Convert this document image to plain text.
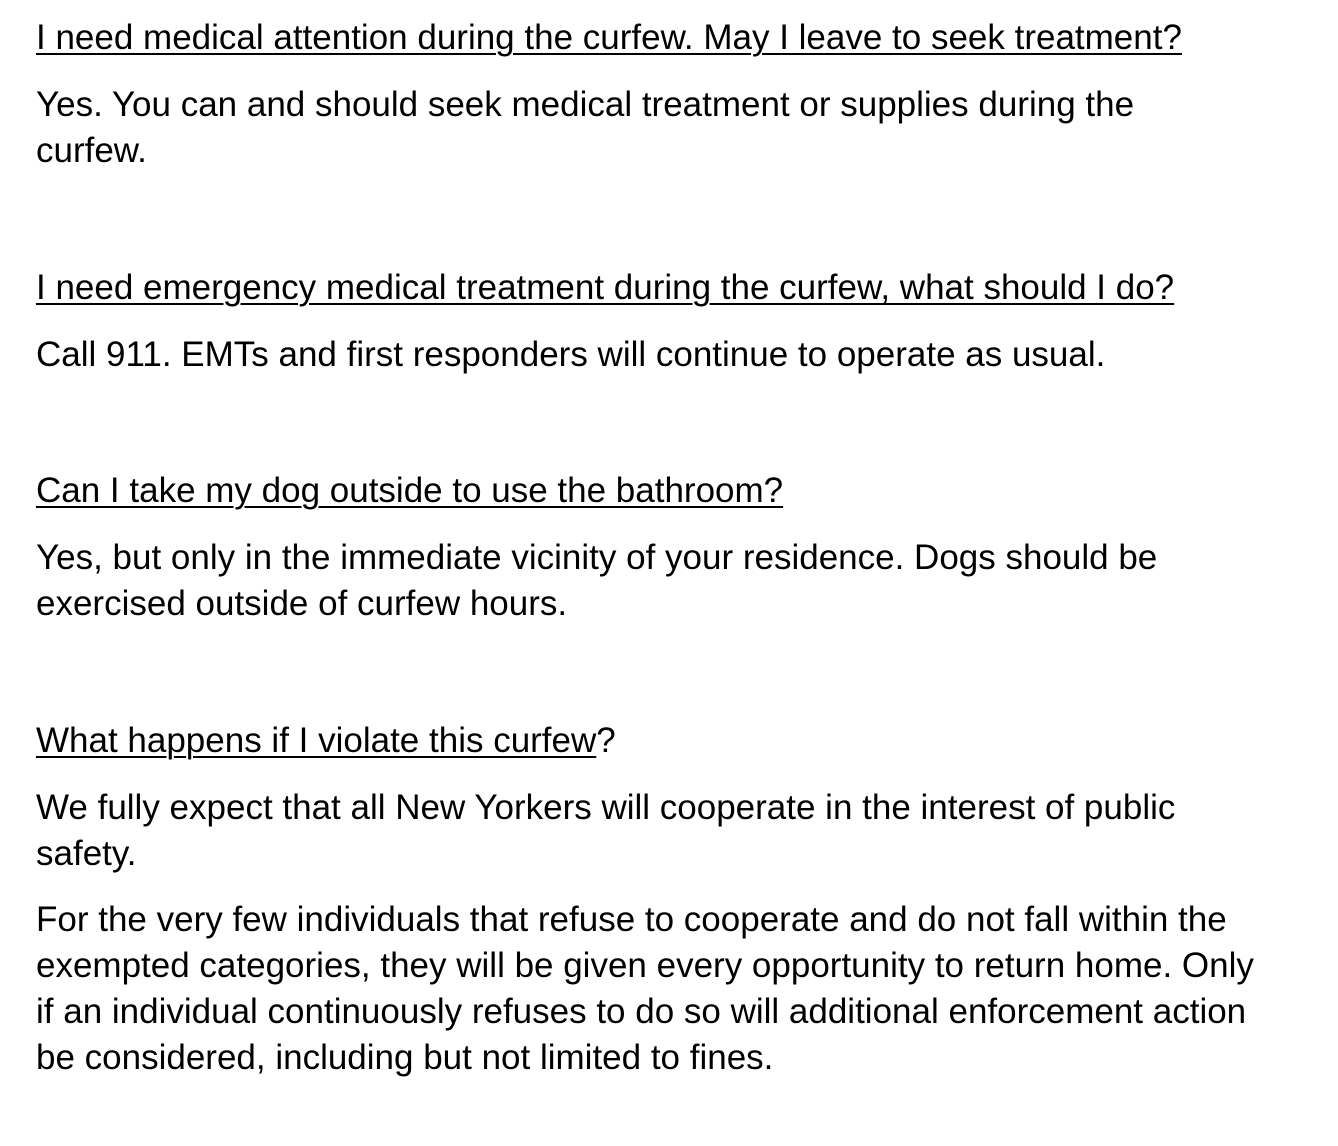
I need medical attention during the curfew. May I leave to seek treatment?

Yes. You can and should seek medical treatment or supplies during the curfew.

I need emergency medical treatment during the curfew, what should I do?

Call 911. EMTs and first responders will continue to operate as usual.

Can I take my dog outside to use the bathroom?

Yes, but only in the immediate vicinity of your residence. Dogs should be exercised outside of curfew hours.

What happens if I violate this curfew?

We fully expect that all New Yorkers will cooperate in the interest of public safety.

For the very few individuals that refuse to cooperate and do not fall within the exempted categories, they will be given every opportunity to return home. Only if an individual continuously refuses to do so will additional enforcement action be considered, including but not limited to fines.
